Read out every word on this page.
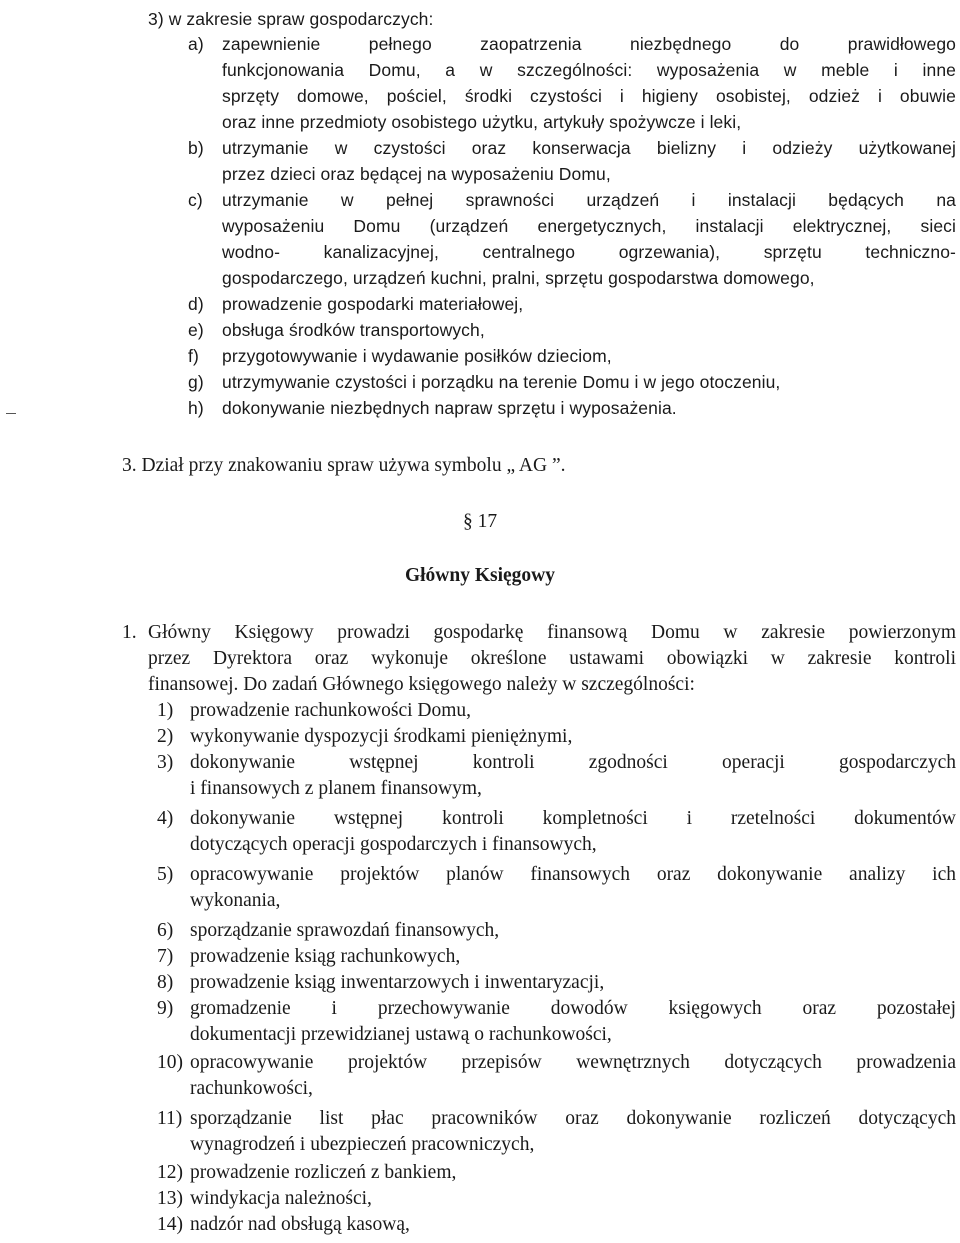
3) w zakresie spraw gospodarczych:
a) zapewnienie pełnego zaopatrzenia niezbędnego do prawidłowego
funkcjonowania Domu, a w szczególności: wyposażenia w meble i inne
sprzęty domowe, pościel, środki czystości i higieny osobistej, odzież i obuwie
oraz inne przedmioty osobistego użytku, artykuły spożywcze i leki,
b) utrzymanie w czystości oraz konserwacja bielizny i odzieży użytkowanej
przez dzieci oraz będącej na wyposażeniu Domu,
c) utrzymanie w pełnej sprawności urządzeń i instalacji będących na
wyposażeniu Domu (urządzeń energetycznych, instalacji elektrycznej, sieci
wodno- kanalizacyjnej, centralnego ogrzewania), sprzętu techniczno-
gospodarczego, urządzeń kuchni, pralni, sprzętu gospodarstwa domowego,
d) prowadzenie gospodarki materiałowej,
e) obsługa środków transportowych,
f) przygotowywanie i wydawanie posiłków dzieciom,
g) utrzymywanie czystości i porządku na terenie Domu i w jego otoczeniu,
h) dokonywanie niezbędnych napraw sprzętu i wyposażenia.
3. Dział przy znakowaniu spraw używa symbolu „ AG ”.
§ 17
Główny Księgowy
1. Główny Księgowy prowadzi gospodarkę finansową Domu w zakresie powierzonym
przez Dyrektora oraz wykonuje określone ustawami obowiązki w zakresie kontroli
finansowej. Do zadań Głównego księgowego należy w szczególności:
1) prowadzenie rachunkowości Domu,
2) wykonywanie dyspozycji środkami pieniężnymi,
3) dokonywanie wstępnej kontroli zgodności operacji gospodarczych
i finansowych z planem finansowym,
4) dokonywanie wstępnej kontroli kompletności i rzetelności dokumentów
dotyczących operacji gospodarczych i finansowych,
5) opracowywanie projektów planów finansowych oraz dokonywanie analizy ich
wykonania,
6) sporządzanie sprawozdań finansowych,
7) prowadzenie ksiąg rachunkowych,
8) prowadzenie ksiąg inwentarzowych i inwentaryzacji,
9) gromadzenie i przechowywanie dowodów księgowych oraz pozostałej
dokumentacji przewidzianej ustawą o rachunkowości,
10) opracowywanie projektów przepisów wewnętrznych dotyczących prowadzenia
rachunkowości,
11) sporządzanie list płac pracowników oraz dokonywanie rozliczeń dotyczących
wynagrodzeń i ubezpieczeń pracowniczych,
12) prowadzenie rozliczeń z bankiem,
13) windykacja należności,
14) nadzór nad obsługą kasową,
